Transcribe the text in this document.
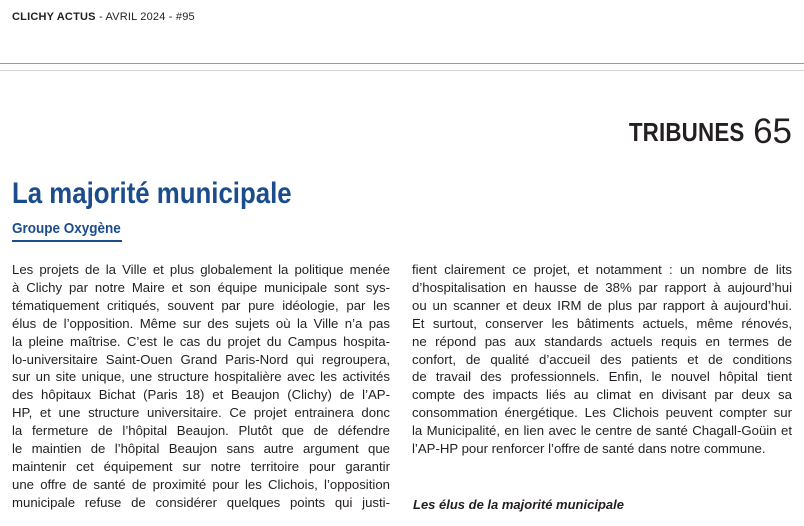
CLICHY ACTUS - AVRIL 2024 - #95
TRIBUNES 65
La majorité municipale
Groupe Oxygène
Les projets de la Ville et plus globalement la politique menée
à Clichy par notre Maire et son équipe municipale sont sys-
tématiquement critiqués, souvent par pure idéologie, par les
élus de l’opposition. Même sur des sujets où la Ville n’a pas
la pleine maîtrise. C’est le cas du projet du Campus hospita-
lo-universitaire Saint-Ouen Grand Paris-Nord qui regroupera,
sur un site unique, une structure hospitalière avec les activités
des hôpitaux Bichat (Paris 18) et Beaujon (Clichy) de l’AP-
HP, et une structure universitaire. Ce projet entrainera donc
la fermeture de l’hôpital Beaujon. Plutôt que de défendre
le maintien de l’hôpital Beaujon sans autre argument que
maintenir cet équipement sur notre territoire pour garantir
une offre de santé de proximité pour les Clichois, l’opposition
municipale refuse de considérer quelques points qui justi-
fient clairement ce projet, et notamment : un nombre de lits
d’hospitalisation en hausse de 38% par rapport à aujourd’hui
ou un scanner et deux IRM de plus par rapport à aujourd’hui.
Et surtout, conserver les bâtiments actuels, même rénovés,
ne répond pas aux standards actuels requis en termes de
confort, de qualité d’accueil des patients et de conditions
de travail des professionnels. Enfin, le nouvel hôpital tient
compte des impacts liés au climat en divisant par deux sa
consommation énergétique. Les Clichois peuvent compter sur
la Municipalité, en lien avec le centre de santé Chagall-Goüin et
l’AP-HP pour renforcer l’offre de santé dans notre commune.
Les élus de la majorité municipale
